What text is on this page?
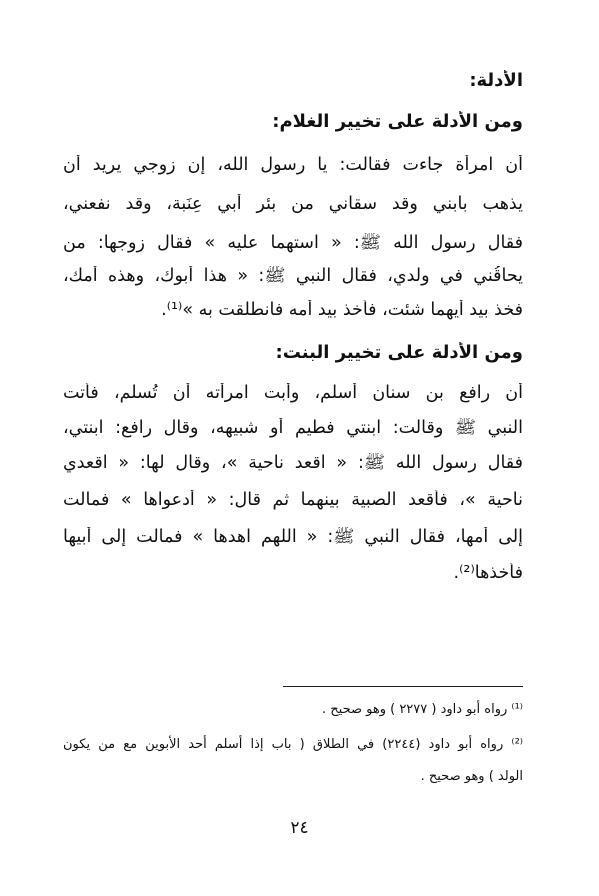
الأدلة:

ومن الأدلة على تخيير الغلام:

أن امرأة جاءت فقالت: يا رسول الله، إن زوجي يريد أن

يذهب بابني وقد سقاني من بئر أبي عِنَبة، وقد نفعني،

فقال رسول الله ﷺ: « استهما عليه » فقال زوجها: من

يحاقُني في ولدي، فقال النبي ﷺ: « هذا أبوك، وهذه أمك،

فخذ بيد أيهما شئت، فأخذ بيد أمه فانطلقت به »⁽¹⁾.

ومن الأدلة على تخيير البنت:

أن رافع بن سنان أسلم، وأبت امرأته أن تُسلم، فأتت

النبي ﷺ وقالت: ابنتي فطيم أو شبيهه، وقال رافع: ابنتي،

فقال رسول الله ﷺ: « اقعد ناحية »، وقال لها: « اقعدي

ناحية »، فأقعد الصبية بينهما ثم قال: « أدعواها » فمالت

إلى أمها، فقال النبي ﷺ: « اللهم اهدها » فمالت إلى أبيها

فأخذها⁽²⁾.

⁽¹⁾ رواه أبو داود ( ٢٢٧٧ ) وهو صحيح .

⁽²⁾ رواه أبو داود (٢٢٤٤) في الطلاق ( باب إذا أسلم أحد الأبوين مع من يكون

الولد ) وهو صحيح .

٢٤
